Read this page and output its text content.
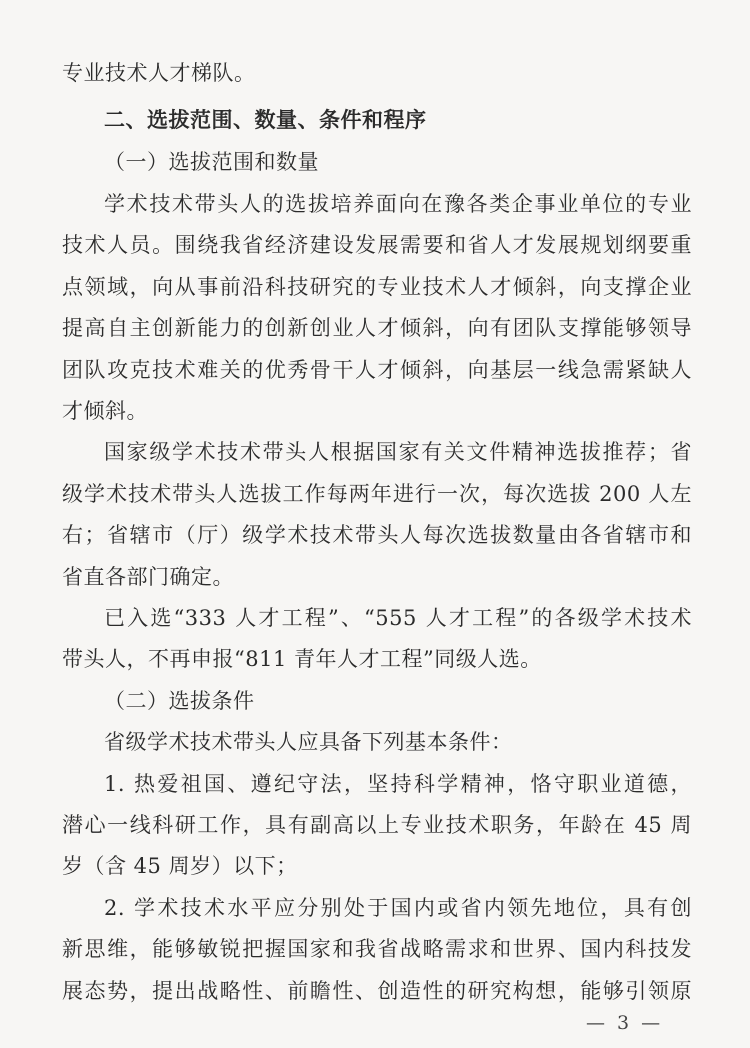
专业技术人才梯队。
二、选拔范围、数量、条件和程序
（一）选拔范围和数量
学术技术带头人的选拔培养面向在豫各类企事业单位的专业
技术人员。围绕我省经济建设发展需要和省人才发展规划纲要重
点领域，向从事前沿科技研究的专业技术人才倾斜，向支撑企业
提高自主创新能力的创新创业人才倾斜，向有团队支撑能够领导
团队攻克技术难关的优秀骨干人才倾斜，向基层一线急需紧缺人
才倾斜。
国家级学术技术带头人根据国家有关文件精神选拔推荐；省
级学术技术带头人选拔工作每两年进行一次，每次选拔 200 人左
右；省辖市（厅）级学术技术带头人每次选拔数量由各省辖市和
省直各部门确定。
已入选“333 人才工程”、“555 人才工程”的各级学术技术
带头人，不再申报“811 青年人才工程”同级人选。
（二）选拔条件
省级学术技术带头人应具备下列基本条件：
1. 热爱祖国、遵纪守法，坚持科学精神，恪守职业道德，
潜心一线科研工作，具有副高以上专业技术职务，年龄在 45 周
岁（含 45 周岁）以下；
2. 学术技术水平应分别处于国内或省内领先地位，具有创
新思维，能够敏锐把握国家和我省战略需求和世界、国内科技发
展态势，提出战略性、前瞻性、创造性的研究构想，能够引领原
— 3 —
